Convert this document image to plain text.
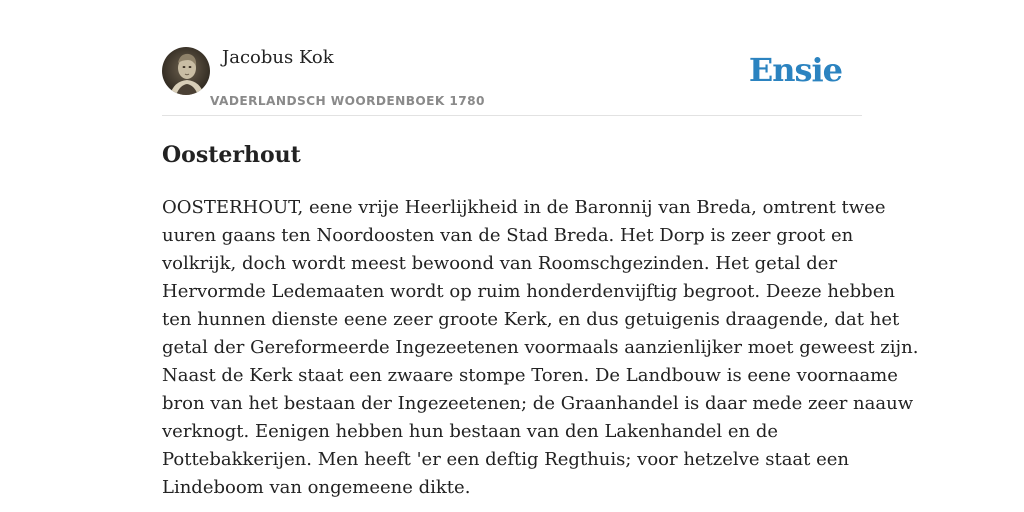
Jacobus Kok
VADERLANDSCH WOORDENBOEK 1780
Ensie
Oosterhout

OOSTERHOUT, eene vrije Heerlijkheid in de Baronnij van Breda, omtrent twee
uuren gaans ten Noordoosten van de Stad Breda. Het Dorp is zeer groot en
volkrijk, doch wordt meest bewoond van Roomschgezinden. Het getal der
Hervormde Ledemaaten wordt op ruim honderdenvijftig begroot. Deeze hebben
ten hunnen dienste eene zeer groote Kerk, en dus getuigenis draagende, dat het
getal der Gereformeerde Ingezeetenen voormaals aanzienlijker moet geweest zijn.
Naast de Kerk staat een zwaare stompe Toren. De Landbouw is eene voornaame
bron van het bestaan der Ingezeetenen; de Graanhandel is daar mede zeer naauw
verknogt. Eenigen hebben hun bestaan van den Lakenhandel en de
Pottebakkerijen. Men heeft 'er een deftig Regthuis; voor hetzelve staat een
Lindeboom van ongemeene dikte.
